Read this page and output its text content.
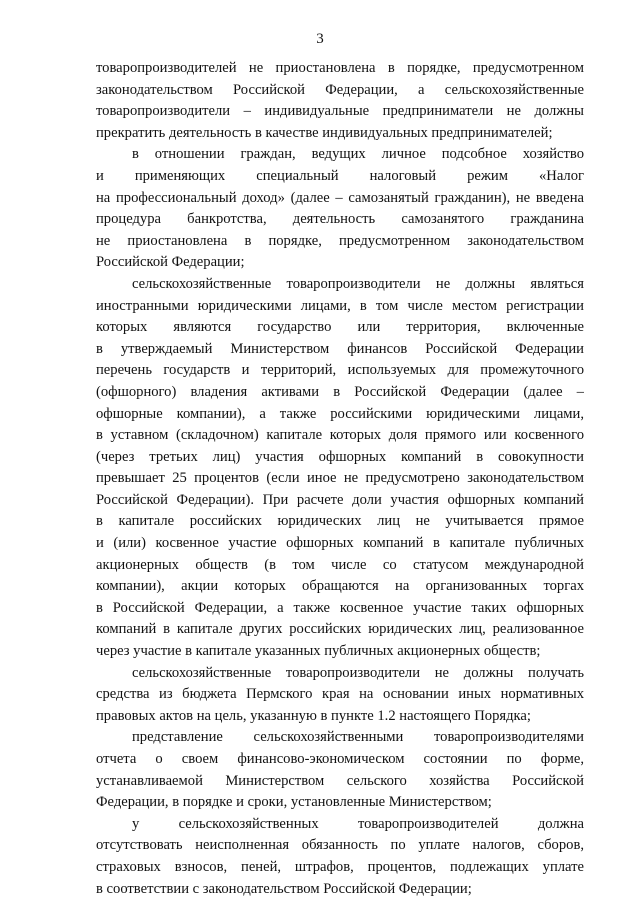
3
товаропроизводителей не приостановлена в порядке, предусмотренном
законодательством Российской Федерации, а сельскохозяйственные
товаропроизводители – индивидуальные предприниматели не должны
прекратить деятельность в качестве индивидуальных предпринимателей;
в отношении граждан, ведущих личное подсобное хозяйство
и применяющих специальный налоговый режим «Налог
на профессиональный доход» (далее – самозанятый гражданин), не введена
процедура банкротства, деятельность самозанятого гражданина
не приостановлена в порядке, предусмотренном законодательством
Российской Федерации;
сельскохозяйственные товаропроизводители не должны являться
иностранными юридическими лицами, в том числе местом регистрации
которых являются государство или территория, включенные
в утверждаемый Министерством финансов Российской Федерации
перечень государств и территорий, используемых для промежуточного
(офшорного) владения активами в Российской Федерации (далее –
офшорные компании), а также российскими юридическими лицами,
в уставном (складочном) капитале которых доля прямого или косвенного
(через третьих лиц) участия офшорных компаний в совокупности
превышает 25 процентов (если иное не предусмотрено законодательством
Российской Федерации). При расчете доли участия офшорных компаний
в капитале российских юридических лиц не учитывается прямое
и (или) косвенное участие офшорных компаний в капитале публичных
акционерных обществ (в том числе со статусом международной
компании), акции которых обращаются на организованных торгах
в Российской Федерации, а также косвенное участие таких офшорных
компаний в капитале других российских юридических лиц, реализованное
через участие в капитале указанных публичных акционерных обществ;
сельскохозяйственные товаропроизводители не должны получать
средства из бюджета Пермского края на основании иных нормативных
правовых актов на цель, указанную в пункте 1.2 настоящего Порядка;
представление сельскохозяйственными товаропроизводителями
отчета о своем финансово-экономическом состоянии по форме,
устанавливаемой Министерством сельского хозяйства Российской
Федерации, в порядке и сроки, установленные Министерством;
у сельскохозяйственных товаропроизводителей должна
отсутствовать неисполненная обязанность по уплате налогов, сборов,
страховых взносов, пеней, штрафов, процентов, подлежащих уплате
в соответствии с законодательством Российской Федерации;
